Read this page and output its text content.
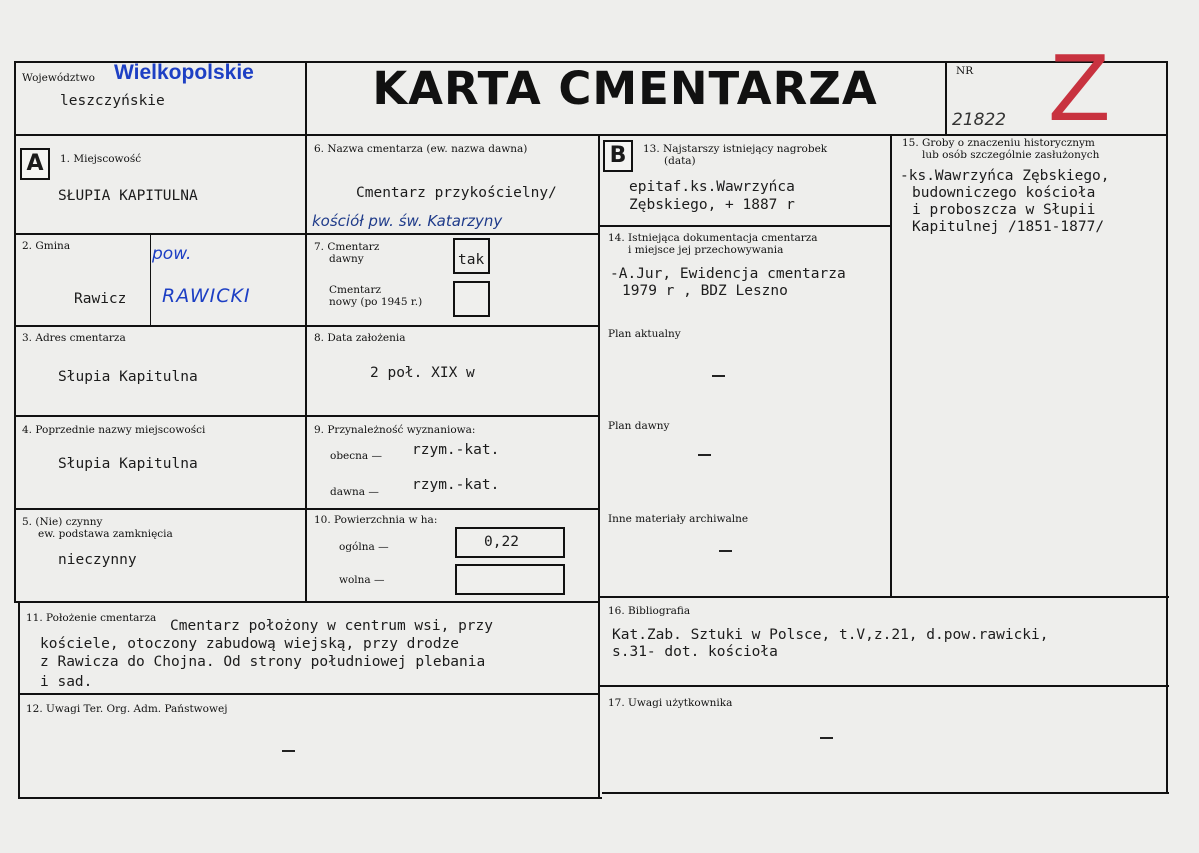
Województwo Wielkopolskie
leszczyńskie	KARTA CMENTARZA	NR
21822 Z
A	B
1. Miejscowość
SŁUPIA KAPITULNA
2. Gmina
Rawicz
pow.
RAWICKI
3. Adres cmentarza
Słupia Kapitulna
4. Poprzednie nazwy miejscowości
Słupia Kapitulna
5. (Nie) czynny
ew. podstawa zamknięcia
nieczynny
6. Nazwa cmentarza (ew. nazwa dawna)
Cmentarz przykościelny/
kościół pw. św. Katarzyny
7. Cmentarz
dawny	tak
Cmentarz
nowy (po 1945 r.)
8. Data założenia
2 poł. XIX w
9. Przynależność wyznaniowa:
obecna — rzym.-kat.
dawna — rzym.-kat.
10. Powierzchnia w ha:
ogólna —	0,22
wolna —
11. Położenie cmentarza Cmentarz położony w centrum wsi, przy
kościele, otoczony zabudową wiejską, przy drodze
z Rawicza do Chojna. Od strony południowej plebania
i sad.
12. Uwagi Ter. Org. Adm. Państwowej
13. Najstarszy istniejący nagrobek
(data)
epitaf.ks.Wawrzyńca
Zębskiego, + 1887 r
14. Istniejąca dokumentacja cmentarza
i miejsce jej przechowywania
-A.Jur, Ewidencja cmentarza
1979 r , BDZ Leszno
Plan aktualny
Plan dawny
Inne materiały archiwalne
15. Groby o znaczeniu historycznym
lub osób szczególnie zasłużonych
-ks.Wawrzyńca Zębskiego,
budowniczego kościoła
i proboszcza w Słupii
Kapitulnej /1851-1877/
16. Bibliografia
Kat.Zab. Sztuki w Polsce, t.V,z.21, d.pow.rawicki,
s.31- dot. kościoła
17. Uwagi użytkownika
